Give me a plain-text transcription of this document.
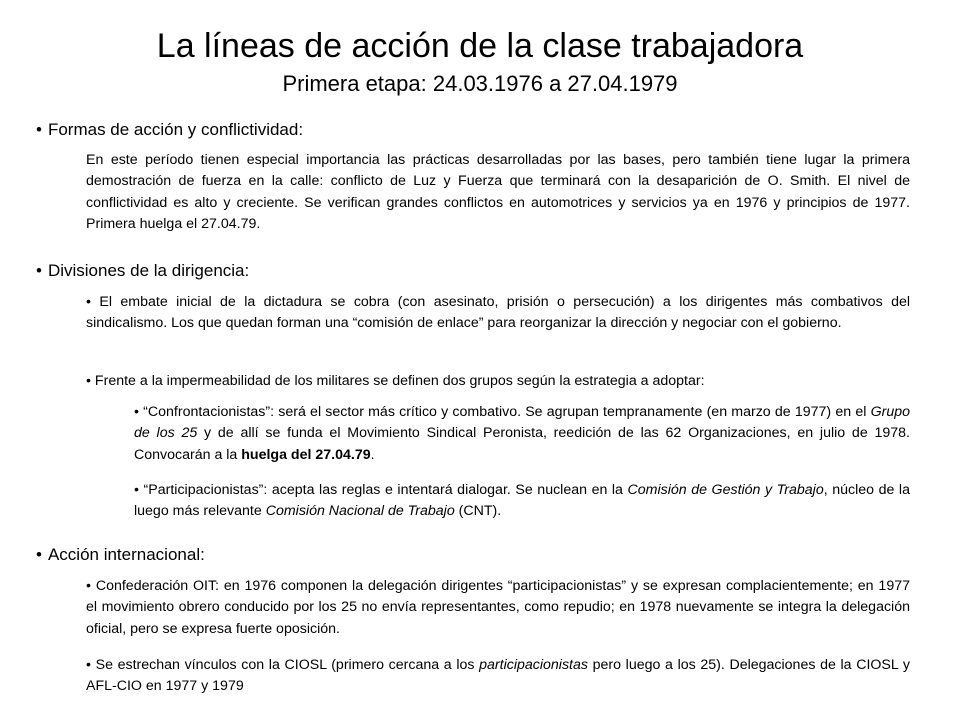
La líneas de acción de la clase trabajadora
Primera etapa: 24.03.1976 a 27.04.1979
• Formas de acción y conflictividad:
En este período tienen especial importancia las prácticas desarrolladas por las bases, pero también tiene lugar la primera demostración de fuerza en la calle: conflicto de Luz y Fuerza que terminará con la desaparición de O. Smith. El nivel de conflictividad es alto y creciente. Se verifican grandes conflictos en automotrices y servicios ya en 1976 y principios de 1977. Primera huelga el 27.04.79.
• Divisiones de la dirigencia:
• El embate inicial de la dictadura se cobra (con asesinato, prisión o persecución) a los dirigentes más combativos del sindicalismo. Los que quedan forman una “comisión de enlace” para reorganizar la dirección y negociar con el gobierno.
• Frente a la impermeabilidad de los militares se definen dos grupos según la estrategia a adoptar:
• “Confrontacionistas”: será el sector más crítico y combativo. Se agrupan tempranamente (en marzo de 1977) en el Grupo de los 25 y de allí se funda el Movimiento Sindical Peronista, reedición de las 62 Organizaciones, en julio de 1978. Convocarán a la huelga del 27.04.79.
• “Participacionistas”: acepta las reglas e intentará dialogar. Se nuclean en la Comisión de Gestión y Trabajo, núcleo de la luego más relevante Comisión Nacional de Trabajo (CNT).
• Acción internacional:
• Confederación OIT: en 1976 componen la delegación dirigentes “participacionistas” y se expresan complacientemente; en 1977 el movimiento obrero conducido por los 25 no envía representantes, como repudio; en 1978 nuevamente se integra la delegación oficial, pero se expresa fuerte oposición.
• Se estrechan vínculos con la CIOSL (primero cercana a los participacionistas pero luego a los 25). Delegaciones de la CIOSL y AFL-CIO en 1977 y 1979
